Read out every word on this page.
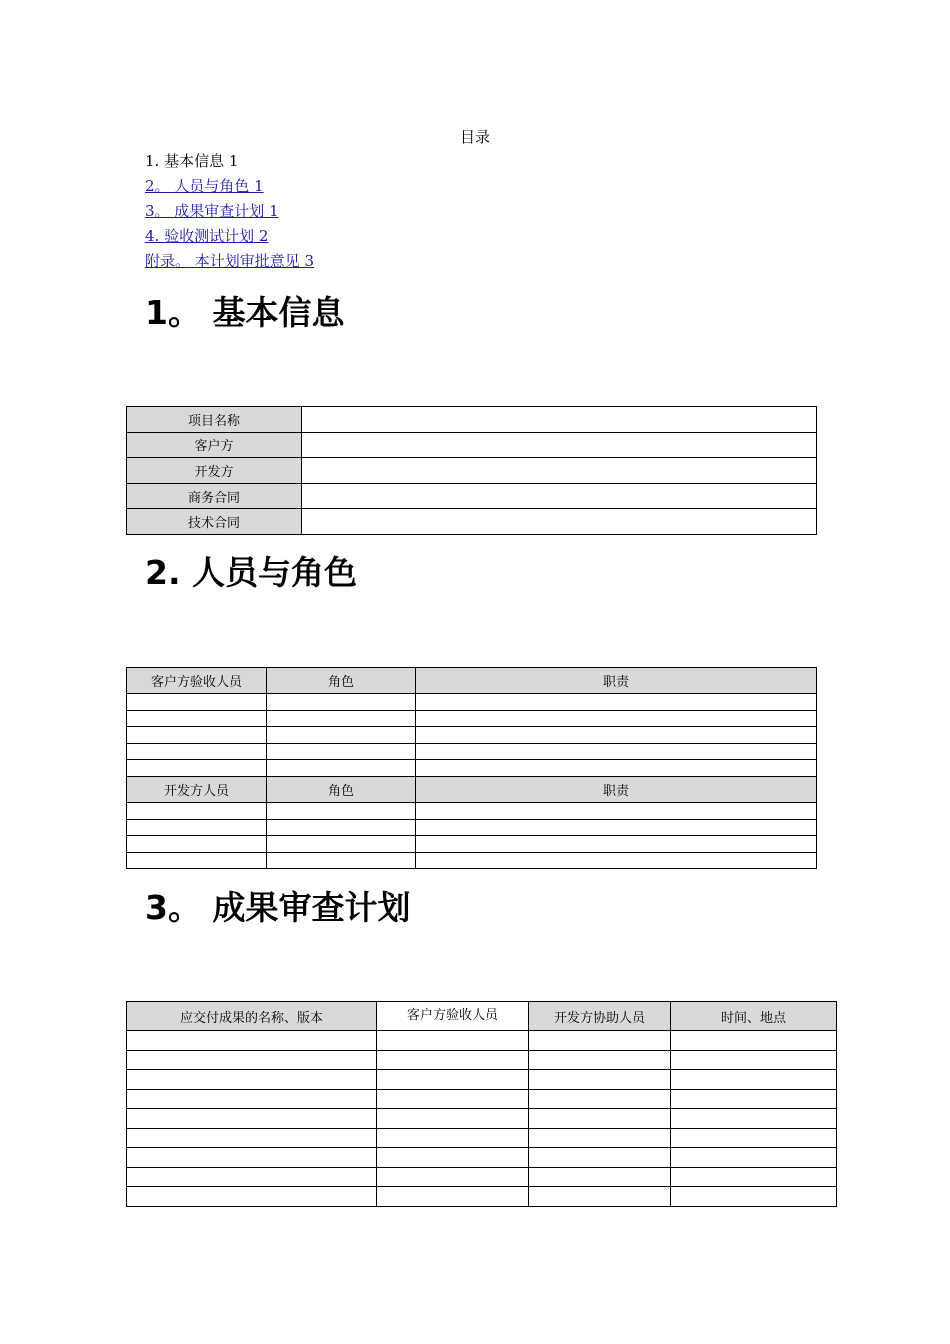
目录
1. 基本信息 1
2。 人员与角色 1
3。 成果审查计划 1
4. 验收测试计划 2
附录。 本计划审批意见 3
1。 基本信息
项目名称	
客户方	
开发方	
商务合同	
技术合同	
2. 人员与角色
客户方验收人员	角色	职责

开发方人员	角色	职责

3。 成果审查计划
应交付成果的名称、版本	客户方验收人员	开发方协助人员	时间、地点
